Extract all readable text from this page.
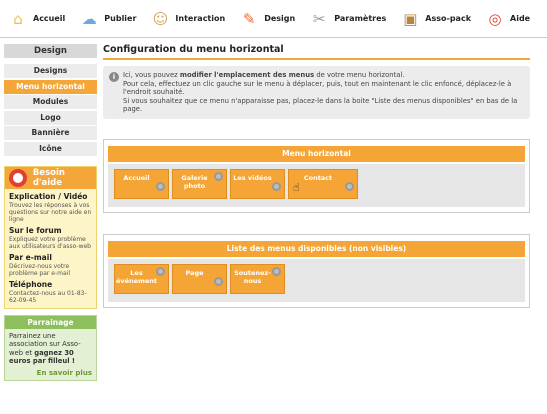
⌂	Accueil	☁ Publier ☺ Interaction	✎	Design	✂	Paramètres	▣ Asso-pack	◎	Aide
Design
Designs
Menu horizontal
Modules
Logo
Bannière
Icône
Besoin d'aide
Explication / Vidéo
Trouvez les réponses à vos questions sur notre aide en ligne
Sur le forum
Expliquez votre problème aux utilisateurs d'asso-web
Par e-mail
Décrivez-nous votre problème par e-mail
Téléphone
Contactez-nous au 01-83-62-09-45
Parrainage
Parrainez une association sur Asso-web et gagnez 30 euros par filleul !
En savoir plus
Configuration du menu horizontal
i	Ici, vous pouvez modifier l'emplacement des menus de votre menu horizontal.
Pour cela, effectuez un clic gauche sur le menu à déplacer, puis, tout en maintenant le clic enfoncé, déplacez-le à l'endroit souhaité.
Si vous souhaitez que ce menu n'apparaisse pas, placez-le dans la boite "Liste des menus disponibles" en bas de la page.
Menu horizontal
Accueil	Galerie photo
Les vidéos	Contact
☝
Liste des menus disponibles (non visibles)
Les événement
Page	Soutenez-nous
